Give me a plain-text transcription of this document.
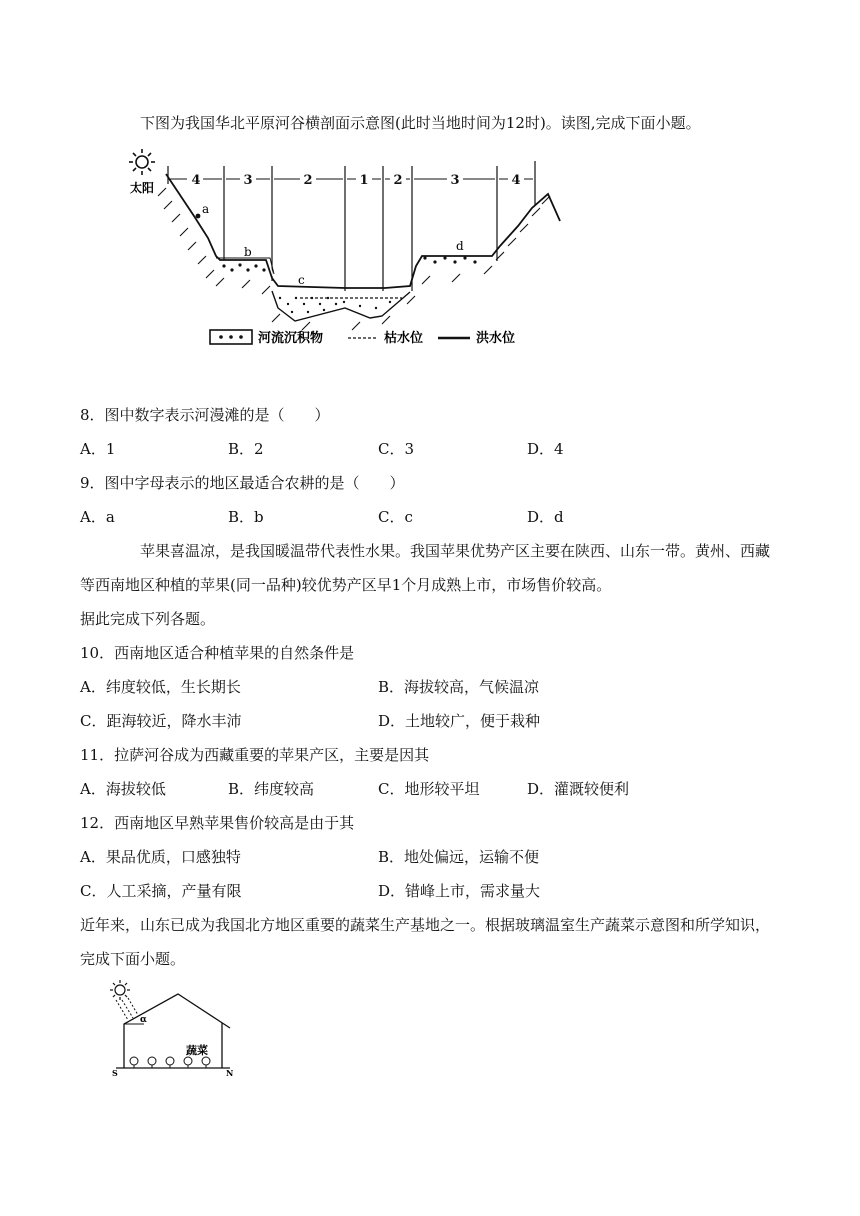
下图为我国华北平原河谷横剖面示意图(此时当地时间为12时)。读图,完成下面小题。
太阳	4	3	2	1 2	3	4
a
b
c
d
河流沉积物	枯水位	洪水位
8．图中数字表示河漫滩的是（　　）
A．1	B．2	C．3	D．4
9．图中字母表示的地区最适合农耕的是（　　）
A．a	B．b	C．c	D．d
苹果喜温凉，是我国暖温带代表性水果。我国苹果优势产区主要在陕西、山东一带。黄州、西藏
等西南地区种植的苹果(同一品种)较优势产区早1个月成熟上市，市场售价较高。
据此完成下列各题。
10．西南地区适合种植苹果的自然条件是
A．纬度较低，生长期长	B．海拔较高，气候温凉
C．距海较近，降水丰沛	D．土地较广，便于栽种
11．拉萨河谷成为西藏重要的苹果产区，主要是因其
A．海拔较低	B．纬度较高	C．地形较平坦	D．灌溉较便利
12．西南地区早熟苹果售价较高是由于其
A．果品优质，口感独特	B．地处偏远，运输不便
C．人工采摘，产量有限	D．错峰上市，需求量大
近年来，山东已成为我国北方地区重要的蔬菜生产基地之一。根据玻璃温室生产蔬菜示意图和所学知识，
完成下面小题。
α
蔬菜
S	N
